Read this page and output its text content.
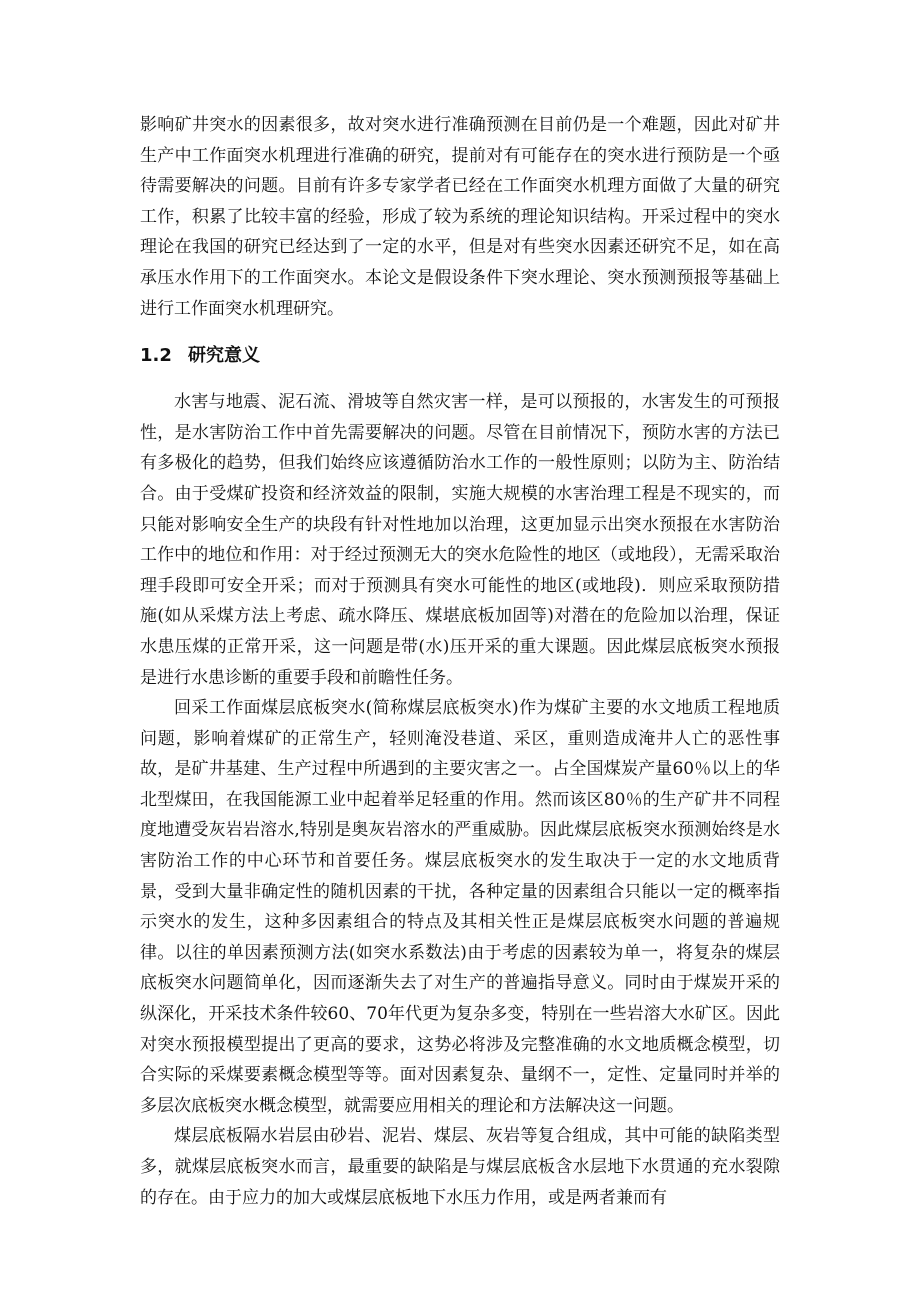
影响矿井突水的因素很多，故对突水进行准确预测在目前仍是一个难题，因此对矿井生产中工作面突水机理进行准确的研究，提前对有可能存在的突水进行预防是一个亟待需要解决的问题。目前有许多专家学者已经在工作面突水机理方面做了大量的研究工作，积累了比较丰富的经验，形成了较为系统的理论知识结构。开采过程中的突水理论在我国的研究已经达到了一定的水平，但是对有些突水因素还研究不足，如在高承压水作用下的工作面突水。本论文是假设条件下突水理论、突水预测预报等基础上进行工作面突水机理研究。

1.2 研究意义

水害与地震、泥石流、滑坡等自然灾害一样，是可以预报的，水害发生的可预报性，是水害防治工作中首先需要解决的问题。尽管在目前情况下，预防水害的方法已有多极化的趋势，但我们始终应该遵循防治水工作的一般性原则；以防为主、防治结合。由于受煤矿投资和经济效益的限制，实施大规模的水害治理工程是不现实的，而只能对影响安全生产的块段有针对性地加以治理，这更加显示出突水预报在水害防治工作中的地位和作用：对于经过预测无大的突水危险性的地区（或地段），无需采取治理手段即可安全开采；而对于预测具有突水可能性的地区(或地段)．则应采取预防措施(如从采煤方法上考虑、疏水降压、煤堪底板加固等)对潜在的危险加以治理，保证水患压煤的正常开采，这一问题是带(水)压开采的重大课题。因此煤层底板突水预报是进行水患诊断的重要手段和前瞻性任务。

回采工作面煤层底板突水(简称煤层底板突水)作为煤矿主要的水文地质工程地质问题，影响着煤矿的正常生产，轻则淹没巷道、采区，重则造成淹井人亡的恶性事故，是矿井基建、生产过程中所遇到的主要灾害之一。占全国煤炭产量60％以上的华北型煤田，在我国能源工业中起着举足轻重的作用。然而该区80％的生产矿井不同程度地遭受灰岩岩溶水,特别是奥灰岩溶水的严重威胁。因此煤层底板突水预测始终是水害防治工作的中心环节和首要任务。煤层底板突水的发生取决于一定的水文地质背景，受到大量非确定性的随机因素的干扰，各种定量的因素组合只能以一定的概率指示突水的发生，这种多因素组合的特点及其相关性正是煤层底板突水问题的普遍规律。以往的单因素预测方法(如突水系数法)由于考虑的因素较为单一，将复杂的煤层底板突水问题简单化，因而逐渐失去了对生产的普遍指导意义。同时由于煤炭开采的纵深化，开采技术条件较60、70年代更为复杂多变，特别在一些岩溶大水矿区。因此对突水预报模型提出了更高的要求，这势必将涉及完整准确的水文地质概念模型，切合实际的采煤要素概念模型等等。面对因素复杂、量纲不一，定性、定量同时并举的多层次底板突水概念模型，就需要应用相关的理论和方法解决这一问题。

煤层底板隔水岩层由砂岩、泥岩、煤层、灰岩等复合组成，其中可能的缺陷类型多，就煤层底板突水而言，最重要的缺陷是与煤层底板含水层地下水贯通的充水裂隙的存在。由于应力的加大或煤层底板地下水压力作用，或是两者兼而有
